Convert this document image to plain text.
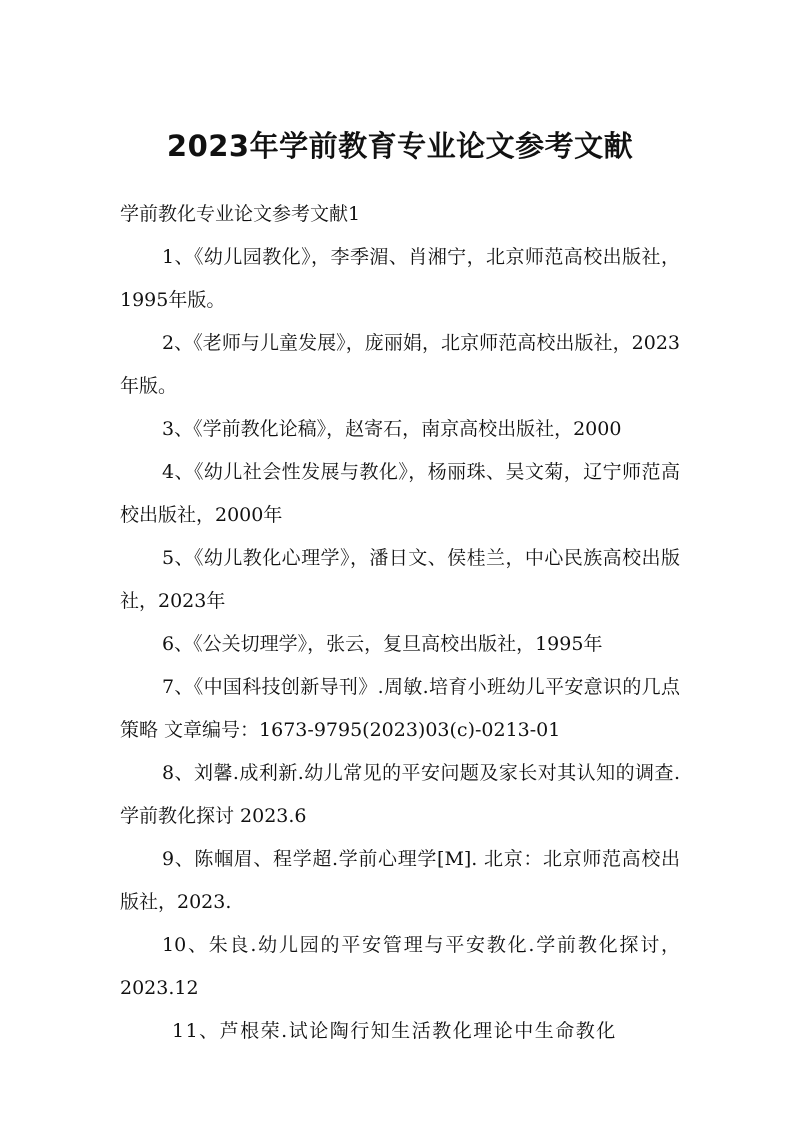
2023年学前教育专业论文参考文献

学前教化专业论文参考文献1

1、《幼儿园教化》，李季湄、肖湘宁，北京师范高校出版社，1995年版。

2、《老师与儿童发展》，庞丽娟，北京师范高校出版社，2023年版。

3、《学前教化论稿》，赵寄石，南京高校出版社，2000

4、《幼儿社会性发展与教化》，杨丽珠、吴文菊，辽宁师范高校出版社，2000年

5、《幼儿教化心理学》，潘日文、侯桂兰，中心民族高校出版社，2023年

6、《公关切理学》，张云，复旦高校出版社，1995年

7、《中国科技创新导刊》.周敏.培育小班幼儿平安意识的几点策略 文章编号：1673-9795(2023)03(c)-0213-01

8、刘馨.成利新.幼儿常见的平安问题及家长对其认知的调查.学前教化探讨 2023.6

9、陈帼眉、程学超.学前心理学[M]. 北京：北京师范高校出版社，2023.

10、朱良.幼儿园的平安管理与平安教化.学前教化探讨，2023.12

11、芦根荣.试论陶行知生活教化理论中生命教化
